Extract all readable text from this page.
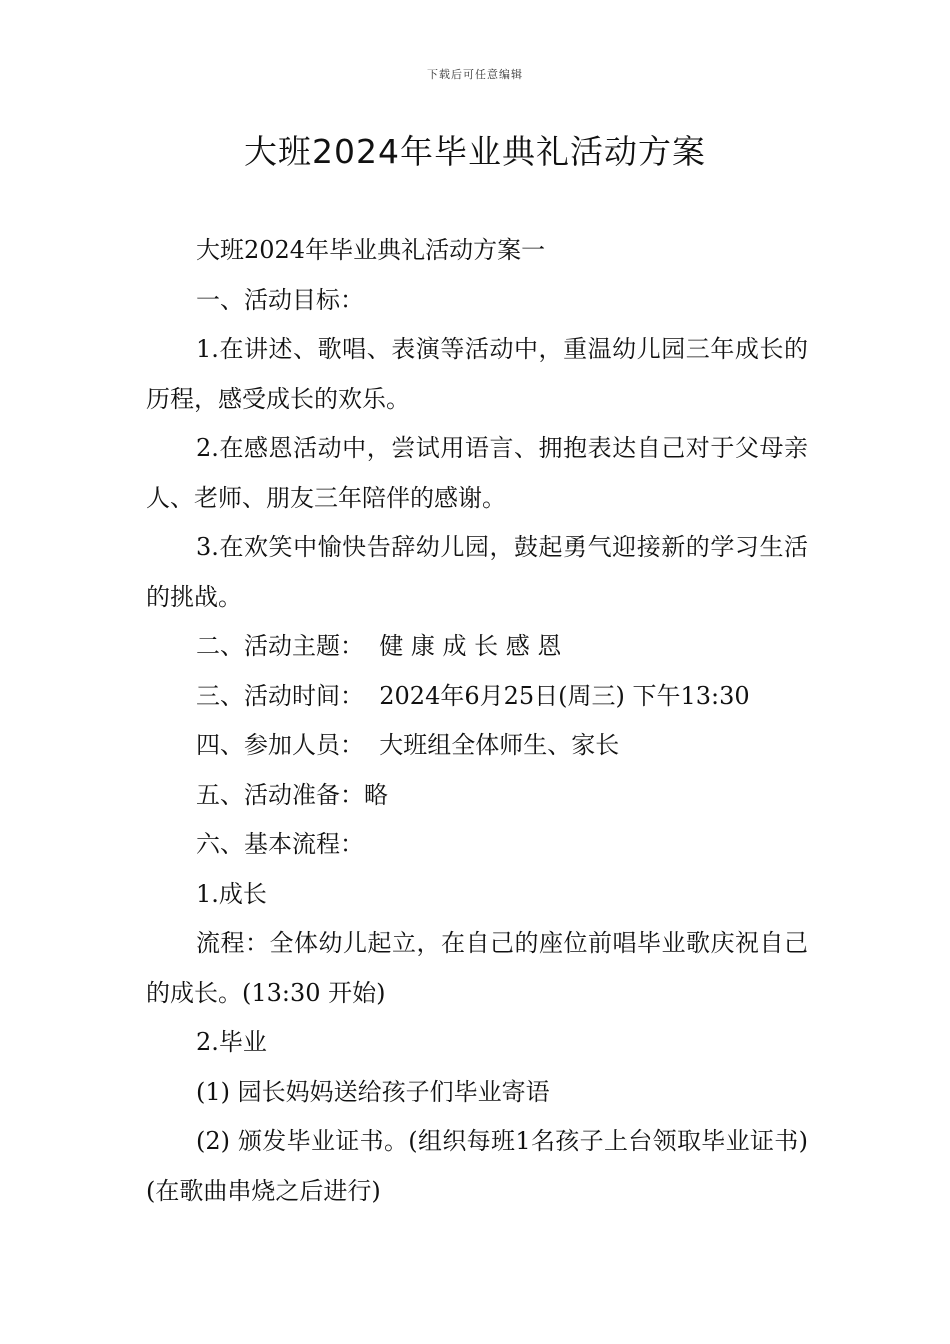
下载后可任意编辑
大班2024年毕业典礼活动方案

大班2024年毕业典礼活动方案一

一、活动目标：

1.在讲述、歌唱、表演等活动中，重温幼儿园三年成长的历程，感受成长的欢乐。

2.在感恩活动中，尝试用语言、拥抱表达自己对于父母亲人、老师、朋友三年陪伴的感谢。

3.在欢笑中愉快告辞幼儿园，鼓起勇气迎接新的学习生活的挑战。

二、活动主题：  健 康 成 长 感 恩

三、活动时间：  2024年6月25日(周三) 下午13:30

四、参加人员：  大班组全体师生、家长

五、活动准备：略

六、基本流程：

1.成长

流程：全体幼儿起立，在自己的座位前唱毕业歌庆祝自己的成长。(13:30 开始)

2.毕业

(1) 园长妈妈送给孩子们毕业寄语

(2) 颁发毕业证书。(组织每班1名孩子上台领取毕业证书)(在歌曲串烧之后进行)
